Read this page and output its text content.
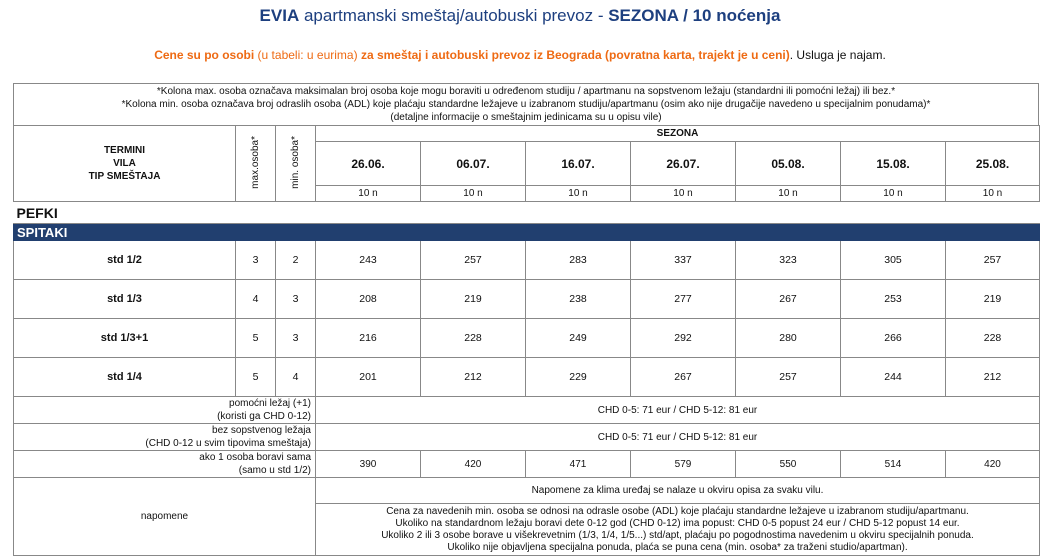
EVIA apartmanski smeštaj/autobuski prevoz - SEZONA / 10 noćenja
Cene su po osobi (u tabeli: u eurima) za smeštaj i autobuski prevoz iz Beograda (povratna karta, trajekt je u ceni). Usluga je najam.
*Kolona max. osoba označava maksimalan broj osoba koje mogu boraviti u određenom studiju / apartmanu na sopstvenom ležaju (standardni ili pomoćni ležaj) ili bez.*
*Kolona min. osoba označava broj odraslih osoba (ADL) koje plaćaju standardne ležajeve u izabranom studiju/apartmanu (osim ako nije drugačije navedeno u specijalnim ponudama)*
(detaljne informacije o smeštajnim jedinicama su u opisu vile)
TERMINI
VILA
TIP SMEŠTAJA	max.osoba*	min. osoba*	SEZONA						
			26.06.	06.07.	16.07.	26.07.	05.08.	15.08.	25.08.
			10 n	10 n	10 n	10 n	10 n	10 n	10 n
PEFKI									
SPITAKI									
std 1/2	3	2	243	257	283	337	323	305	257
std 1/3	4	3	208	219	238	277	267	253	219
std 1/3+1	5	3	216	228	249	292	280	266	228
std 1/4	5	4	201	212	229	267	257	244	212

pomoćni ležaj (+1)
(koristi ga CHD 0-12)			CHD 0-5: 71 eur / CHD 5-12: 81 eur						

bez sopstvenog ležaja
(CHD 0-12 u svim tipovima smeštaja)			CHD 0-5: 71 eur / CHD 5-12: 81 eur						

ako 1 osoba boravi sama
(samo u std 1/2)			390	420	471	579	550	514	420
napomene			Napomene za klima uređaj se nalaze u okviru opisa za svaku vilu.						

			Cena za navedenih min. osoba se odnosi na odrasle osobe (ADL) koje plaćaju standardne ležajeve u izabranom studiju/apartmanu.
Ukoliko na standardnom ležaju boravi dete 0-12 god (CHD 0-12) ima popust: CHD 0-5 popust 24 eur / CHD 5-12 popust 14 eur.
Ukoliko 2 ili 3 osobe borave u višekrevetnim (1/3, 1/4, 1/5...) std/apt, plaćaju po pogodnostima navedenim u okviru specijalnih ponuda.
Ukoliko nije objavljena specijalna ponuda, plaća se puna cena (min. osoba* za traženi studio/apartman).						
